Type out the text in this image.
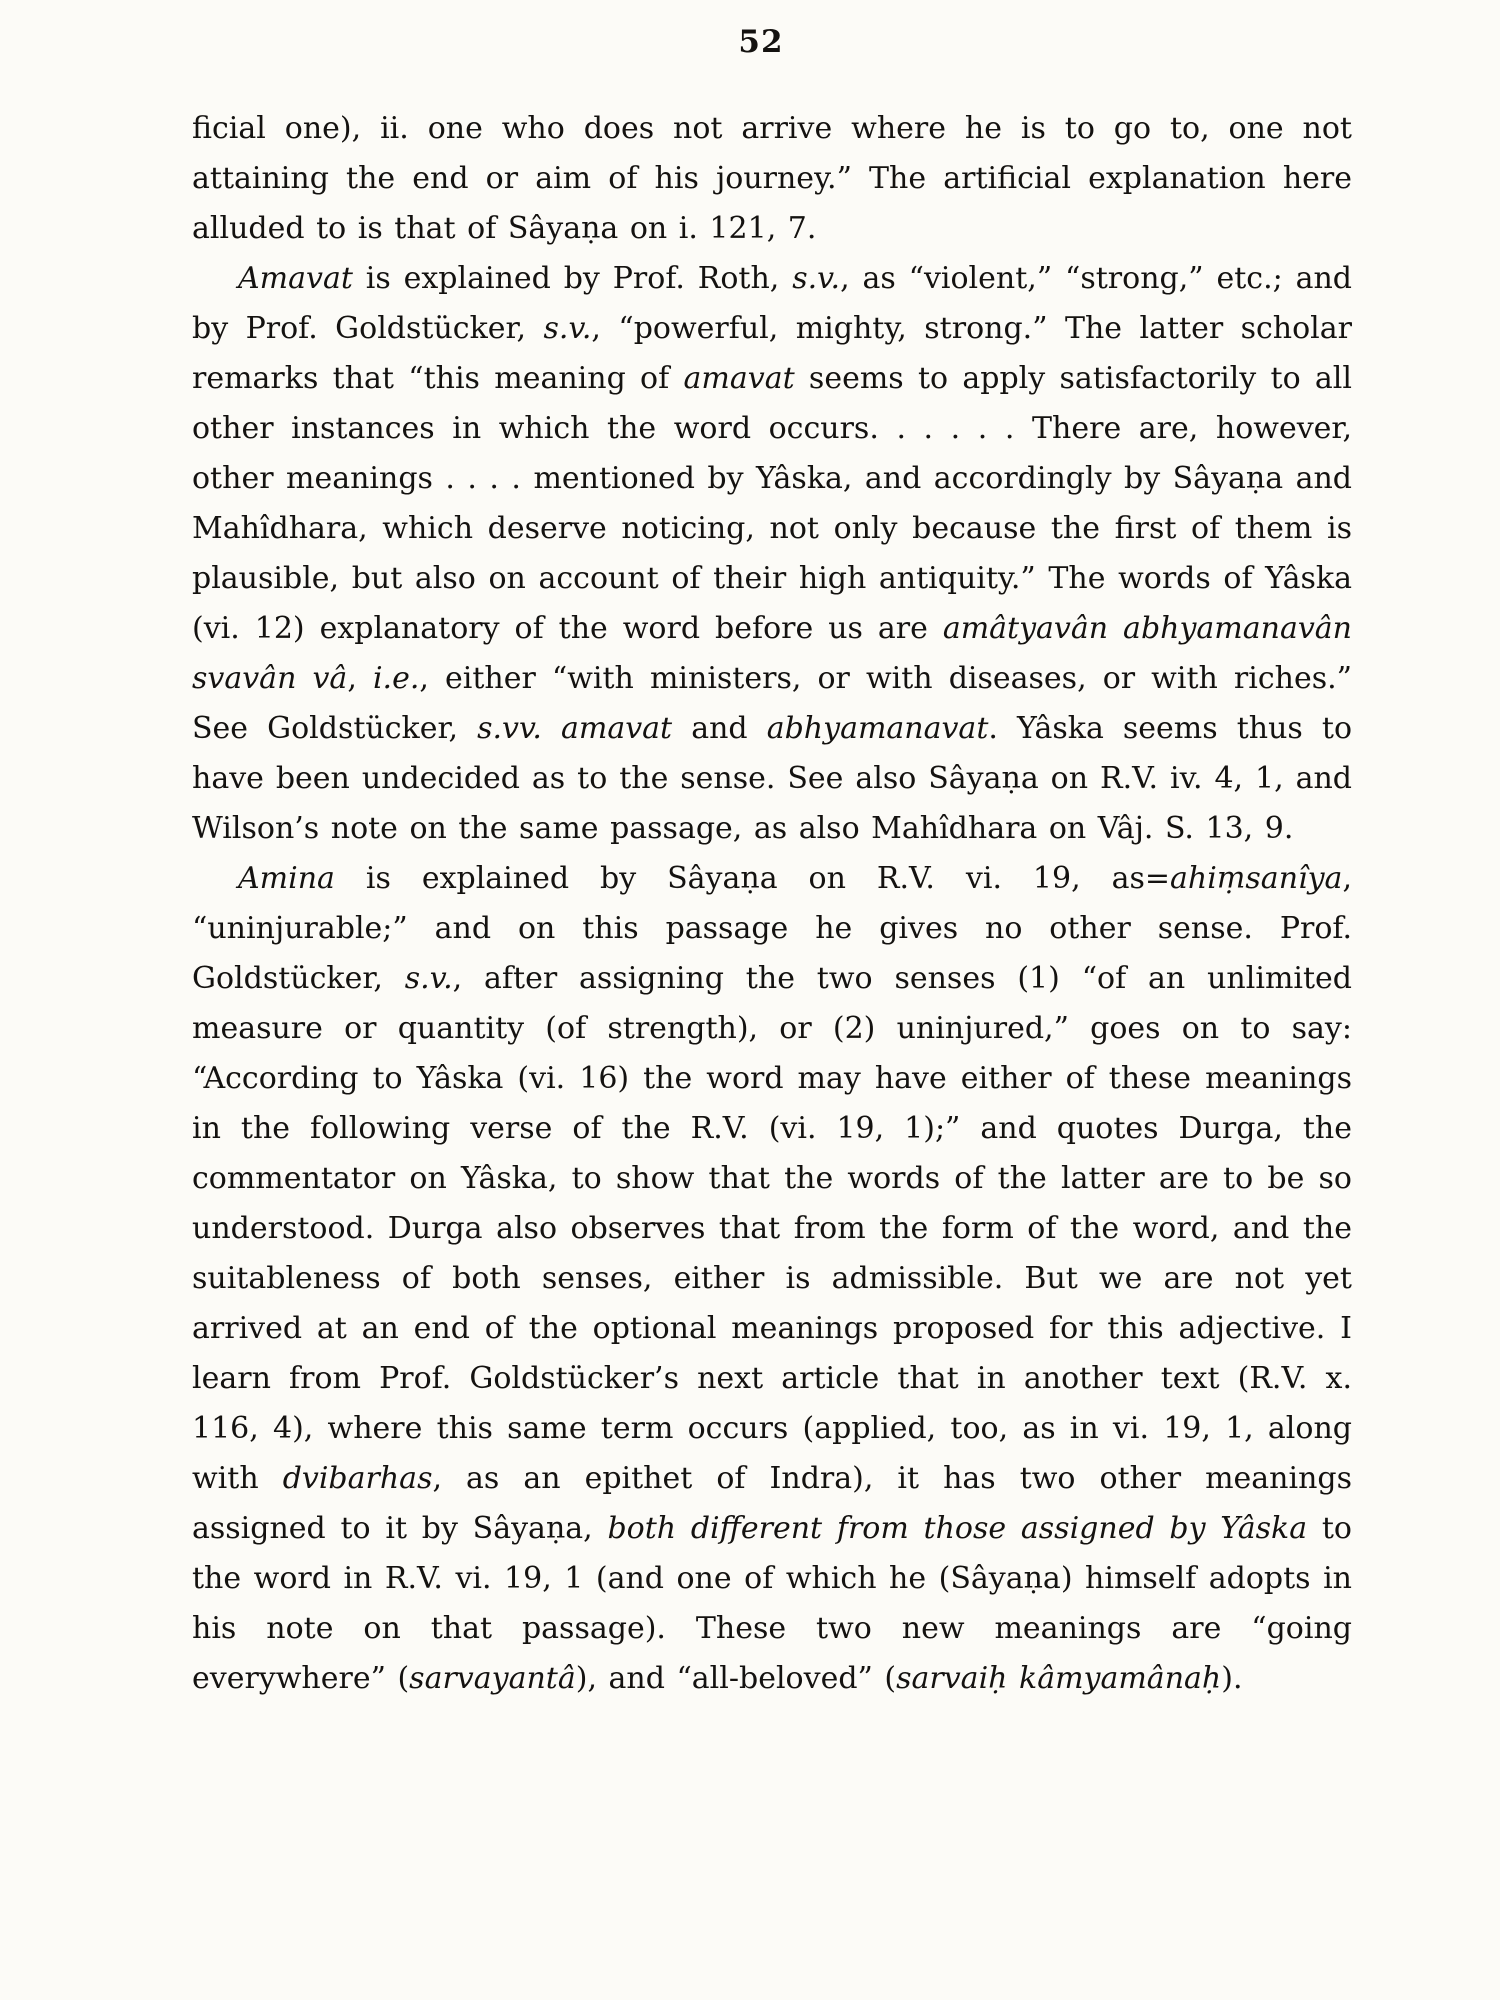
52

ficial one), ii. one who does not arrive where he is to go to, one not attaining the end or aim of his journey.” The artificial explanation here alluded to is that of Sâyaṇa on i. 121, 7.

Amavat is explained by Prof. Roth, s.v., as “violent,” “strong,” etc.; and by Prof. Goldstücker, s.v., “powerful, mighty, strong.” The latter scholar remarks that “this meaning of amavat seems to apply satisfactorily to all other instances in which the word occurs. . . . . . There are, however, other meanings . . . . mentioned by Yâska, and accordingly by Sâyaṇa and Mahîdhara, which deserve noticing, not only because the first of them is plausible, but also on account of their high antiquity.” The words of Yâska (vi. 12) explanatory of the word before us are amâtyavân abhyamanavân svavân vâ, i.e., either “with ministers, or with diseases, or with riches.” See Goldstücker, s.vv. amavat and abhyamanavat. Yâska seems thus to have been undecided as to the sense. See also Sâyaṇa on R.V. iv. 4, 1, and Wilson’s note on the same passage, as also Mahîdhara on Vâj. S. 13, 9.

Amina is explained by Sâyaṇa on R.V. vi. 19, as=ahiṃsanîya, “uninjurable;” and on this passage he gives no other sense. Prof. Goldstücker, s.v., after assigning the two senses (1) “of an unlimited measure or quantity (of strength), or (2) uninjured,” goes on to say: “According to Yâska (vi. 16) the word may have either of these meanings in the following verse of the R.V. (vi. 19, 1);” and quotes Durga, the commentator on Yâska, to show that the words of the latter are to be so understood. Durga also observes that from the form of the word, and the suitableness of both senses, either is admissible. But we are not yet arrived at an end of the optional meanings proposed for this adjective. I learn from Prof. Goldstücker’s next article that in another text (R.V. x. 116, 4), where this same term occurs (applied, too, as in vi. 19, 1, along with dvibarhas, as an epithet of Indra), it has two other meanings assigned to it by Sâyaṇa, both different from those assigned by Yâska to the word in R.V. vi. 19, 1 (and one of which he (Sâyaṇa) himself adopts in his note on that passage). These two new meanings are “going everywhere” (sarvayantâ), and “all-beloved” (sarvaiḥ kâmyamânaḥ).
